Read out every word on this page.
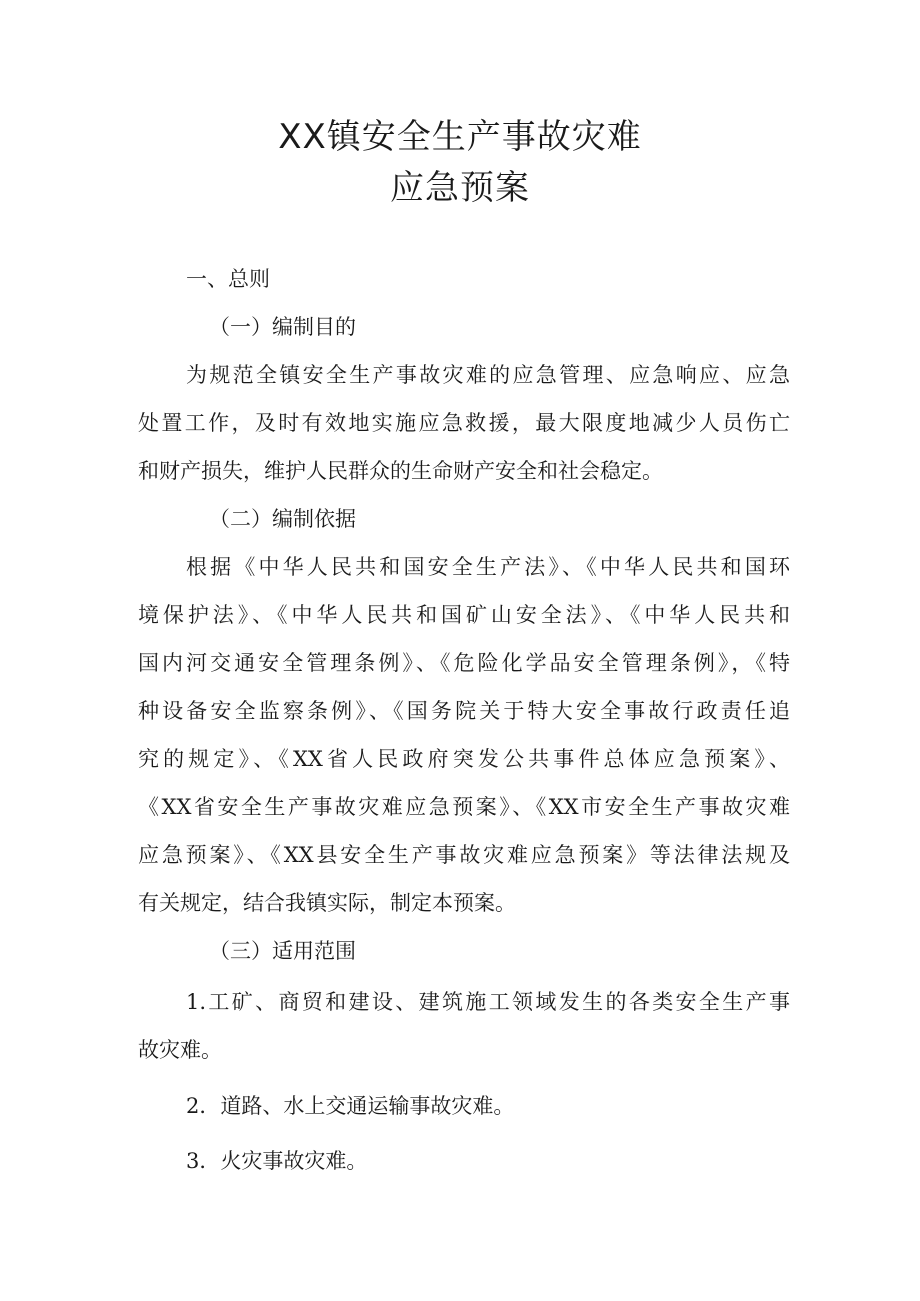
XX镇安全生产事故灾难
应急预案
一、总则
（一）编制目的
为规范全镇安全生产事故灾难的应急管理、应急响应、应急
处置工作，及时有效地实施应急救援，最大限度地减少人员伤亡
和财产损失，维护人民群众的生命财产安全和社会稳定。
（二）编制依据
根据《中华人民共和国安全生产法》、《中华人民共和国环
境保护法》、《中华人民共和国矿山安全法》、《中华人民共和
国内河交通安全管理条例》、《危险化学品安全管理条例》，《特
种设备安全监察条例》、《国务院关于特大安全事故行政责任追
究的规定》、《XX省人民政府突发公共事件总体应急预案》、
《XX省安全生产事故灾难应急预案》、《XX市安全生产事故灾难
应急预案》、《XX县安全生产事故灾难应急预案》等法律法规及
有关规定，结合我镇实际，制定本预案。
（三）适用范围
1.工矿、商贸和建设、建筑施工领域发生的各类安全生产事
故灾难。
2．道路、水上交通运输事故灾难。
3．火灾事故灾难。
